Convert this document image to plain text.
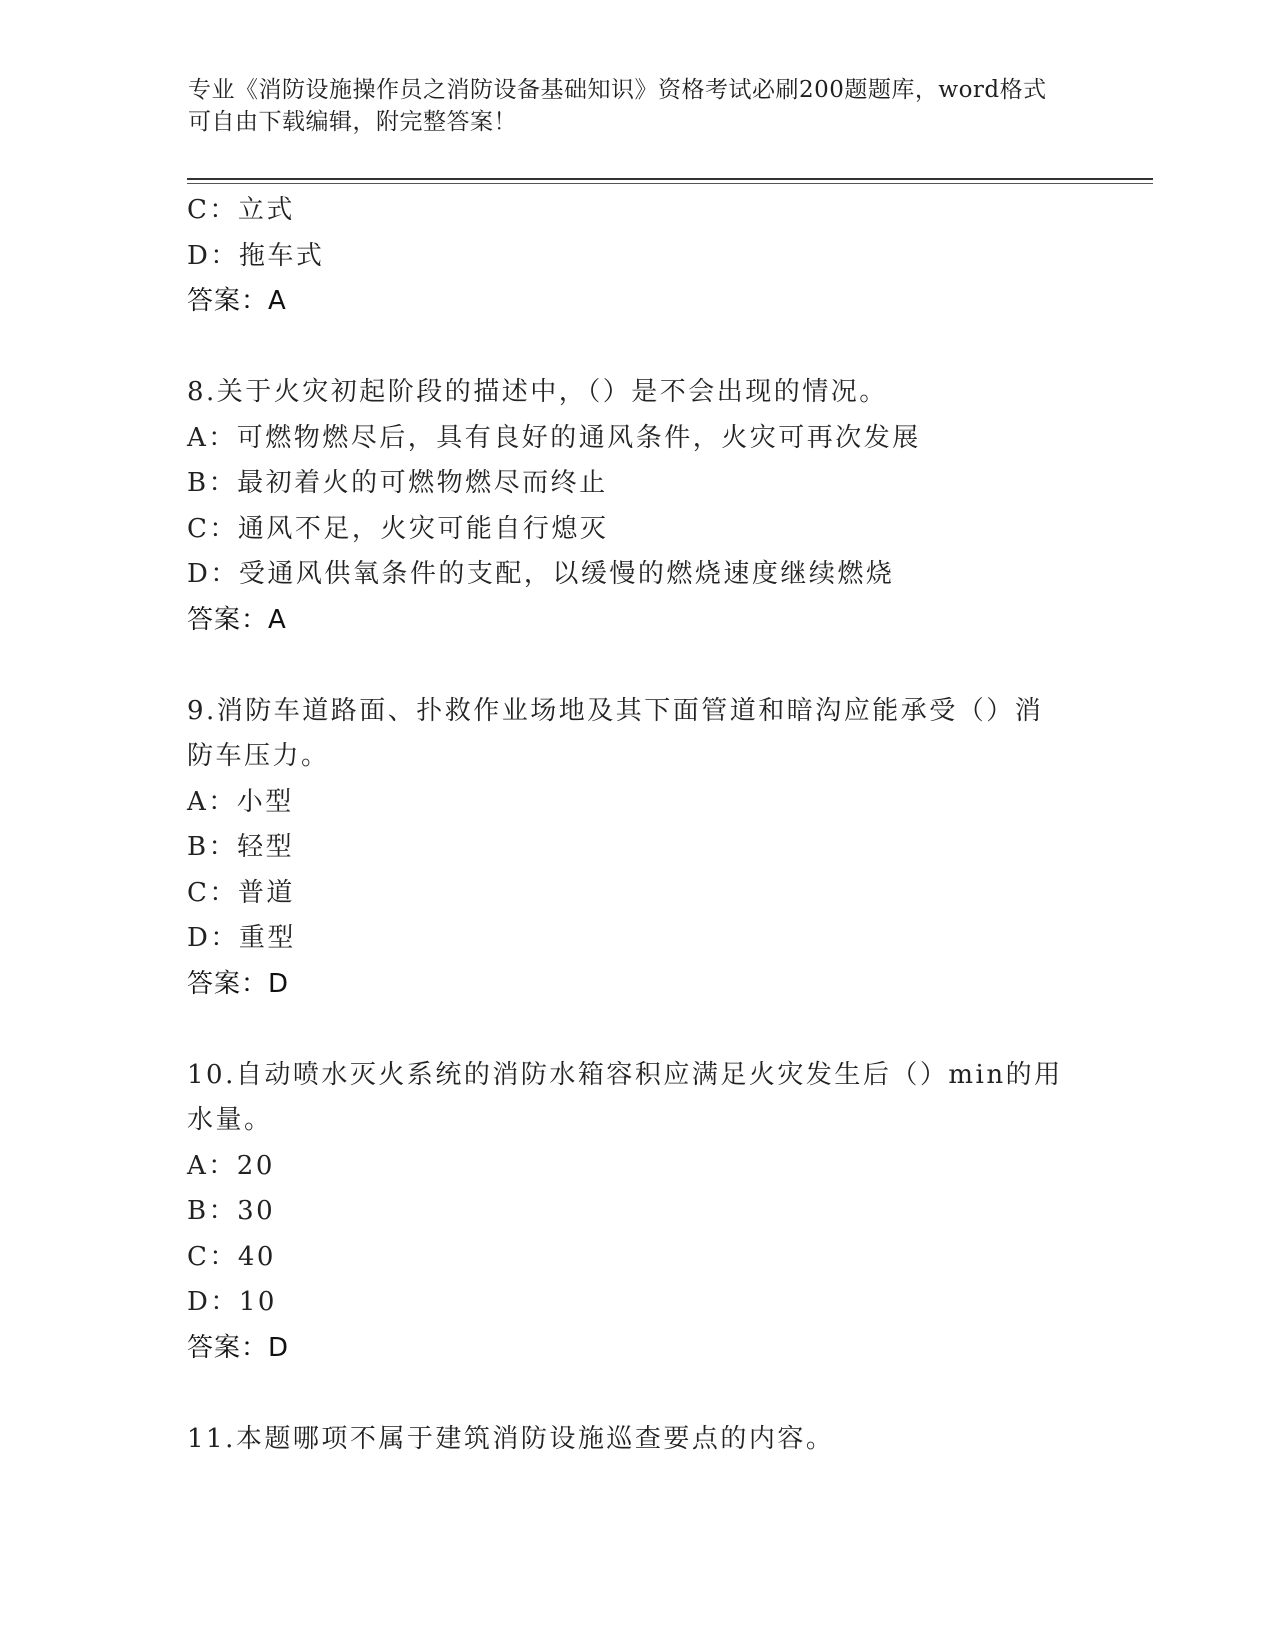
专业《消防设施操作员之消防设备基础知识》资格考试必刷200题题库，word格式可自由下载编辑，附完整答案！
C：立式
D：拖车式
答案：A
8.关于火灾初起阶段的描述中，（）是不会出现的情况。
A：可燃物燃尽后，具有良好的通风条件，火灾可再次发展
B：最初着火的可燃物燃尽而终止
C：通风不足，火灾可能自行熄灭
D：受通风供氧条件的支配，以缓慢的燃烧速度继续燃烧
答案：A
9.消防车道路面、扑救作业场地及其下面管道和暗沟应能承受（）消防车压力。
A：小型
B：轻型
C：普道
D：重型
答案：D
10.自动喷水灭火系统的消防水箱容积应满足火灾发生后（）min的用水量。
A：20
B：30
C：40
D：10
答案：D
11.本题哪项不属于建筑消防设施巡查要点的内容。
